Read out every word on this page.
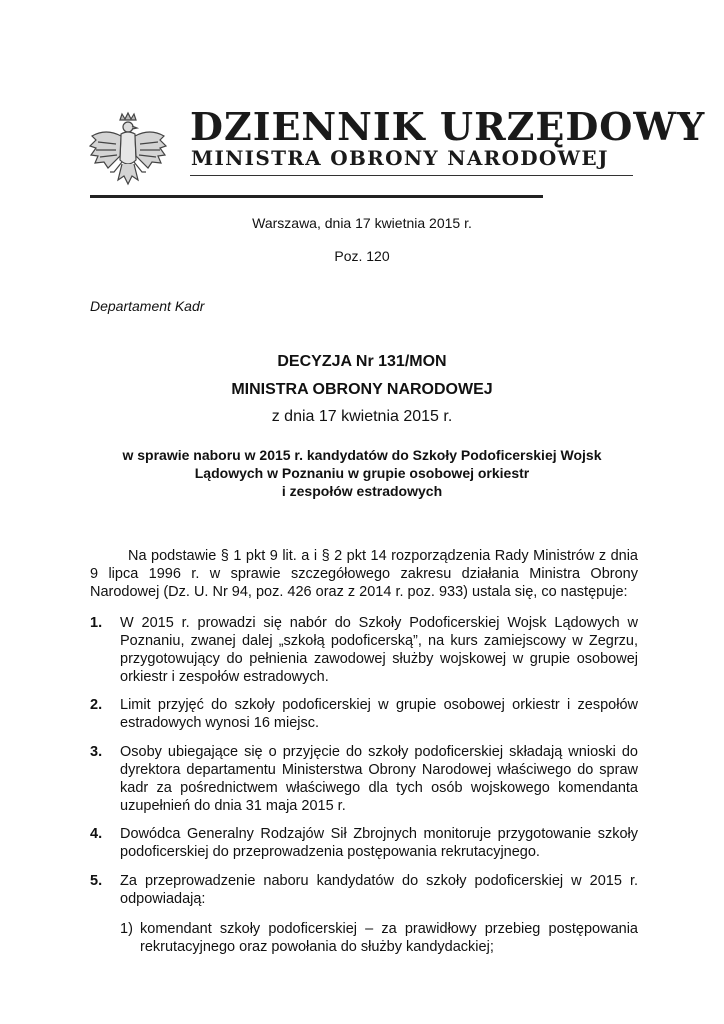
DZIENNIK URZĘDOWY
MINISTRA OBRONY NARODOWEJ
Warszawa, dnia 17 kwietnia 2015 r.
Poz. 120
Departament Kadr
DECYZJA Nr 131/MON
MINISTRA OBRONY NARODOWEJ
z dnia 17 kwietnia 2015 r.
w sprawie naboru w 2015 r. kandydatów do Szkoły Podoficerskiej Wojsk
Lądowych w Poznaniu w grupie osobowej orkiestr
i zespołów estradowych
Na podstawie § 1 pkt 9 lit. a i § 2 pkt 14 rozporządzenia Rady Ministrów z dnia 9 lipca 1996 r. w sprawie szczegółowego zakresu działania Ministra Obrony Narodowej (Dz. U. Nr 94, poz. 426 oraz z 2014 r. poz. 933) ustala się, co następuje:
1. W 2015 r. prowadzi się nabór do Szkoły Podoficerskiej Wojsk Lądowych w Poznaniu, zwanej dalej „szkołą podoficerską”, na kurs zamiejscowy w Zegrzu, przygotowujący do pełnienia zawodowej służby wojskowej w grupie osobowej orkiestr i zespołów estradowych.
2. Limit przyjęć do szkoły podoficerskiej w grupie osobowej orkiestr i zespołów estradowych wynosi 16 miejsc.
3. Osoby ubiegające się o przyjęcie do szkoły podoficerskiej składają wnioski do dyrektora departamentu Ministerstwa Obrony Narodowej właściwego do spraw kadr za pośrednictwem właściwego dla tych osób wojskowego komendanta uzupełnień do dnia 31 maja 2015 r.
4. Dowódca Generalny Rodzajów Sił Zbrojnych monitoruje przygotowanie szkoły podoficerskiej do przeprowadzenia postępowania rekrutacyjnego.
5. Za przeprowadzenie naboru kandydatów do szkoły podoficerskiej w 2015 r. odpowiadają:
1) komendant szkoły podoficerskiej – za prawidłowy przebieg postępowania rekrutacyjnego oraz powołania do służby kandydackiej;
